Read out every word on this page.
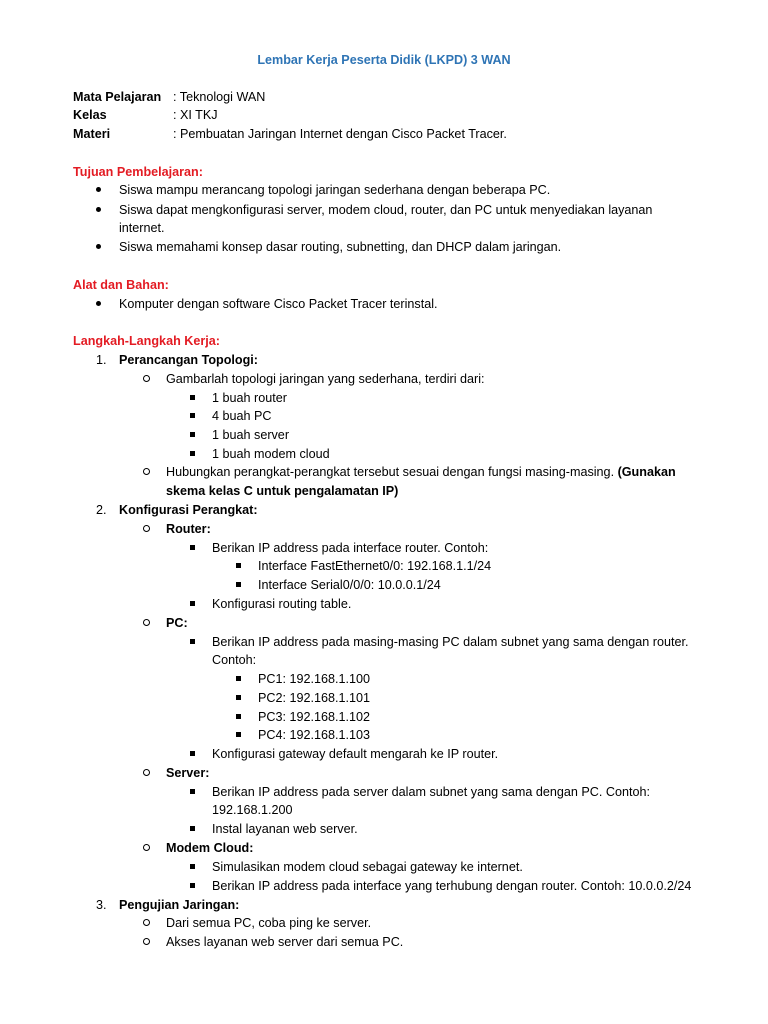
Lembar Kerja Peserta Didik (LKPD) 3 WAN
Mata Pelajaran : Teknologi WAN
Kelas	: XI TKJ
Materi	: Pembuatan Jaringan Internet dengan Cisco Packet Tracer.
Tujuan Pembelajaran:
Siswa mampu merancang topologi jaringan sederhana dengan beberapa PC.
Siswa dapat mengkonfigurasi server, modem cloud, router, dan PC untuk menyediakan layanan
internet.
Siswa memahami konsep dasar routing, subnetting, dan DHCP dalam jaringan.
Alat dan Bahan:
Komputer dengan software Cisco Packet Tracer terinstal.
Langkah-Langkah Kerja:
1. Perancangan Topologi:
Gambarlah topologi jaringan yang sederhana, terdiri dari:
1 buah router
4 buah PC
1 buah server
1 buah modem cloud
Hubungkan perangkat-perangkat tersebut sesuai dengan fungsi masing-masing. (Gunakan
skema kelas C untuk pengalamatan IP)
2. Konfigurasi Perangkat:
Router:
Berikan IP address pada interface router. Contoh:
Interface FastEthernet0/0: 192.168.1.1/24
Interface Serial0/0/0: 10.0.0.1/24
Konfigurasi routing table.
PC:
Berikan IP address pada masing-masing PC dalam subnet yang sama dengan router.
Contoh:
PC1: 192.168.1.100
PC2: 192.168.1.101
PC3: 192.168.1.102
PC4: 192.168.1.103
Konfigurasi gateway default mengarah ke IP router.
Server:
Berikan IP address pada server dalam subnet yang sama dengan PC. Contoh:
192.168.1.200
Instal layanan web server.
Modem Cloud:
Simulasikan modem cloud sebagai gateway ke internet.
Berikan IP address pada interface yang terhubung dengan router. Contoh: 10.0.0.2/24
3. Pengujian Jaringan:
Dari semua PC, coba ping ke server.
Akses layanan web server dari semua PC.
